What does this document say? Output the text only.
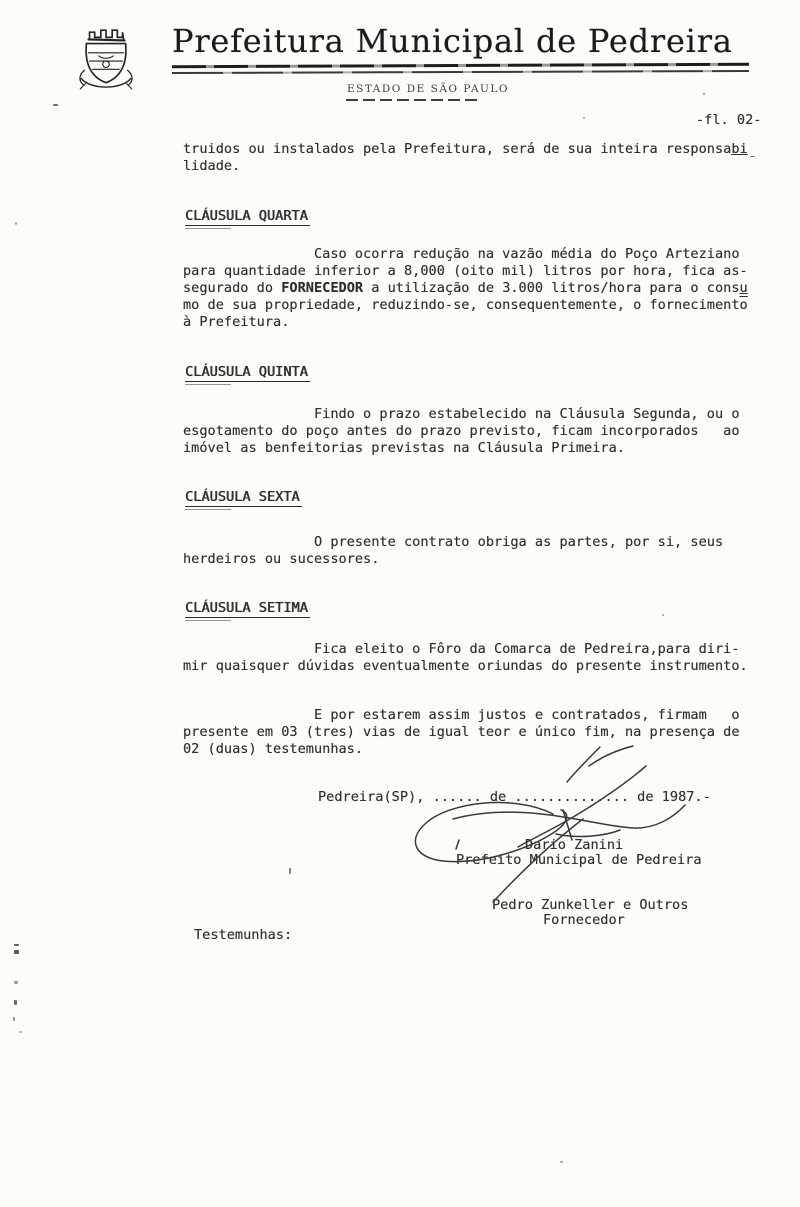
Prefeitura Municipal de Pedreira
ESTADO DE SÃO PAULO
-fl. 02-
truidos ou instalados pela Prefeitura, será de sua inteira responsabi
lidade.
CLÁUSULA QUARTA
Caso ocorra redução na vazão média do Poço Arteziano
para quantidade inferior a 8,000 (oito mil) litros por hora, fica as-
segurado do FORNECEDOR a utilização de 3.000 litros/hora para o consu
mo de sua propriedade, reduzindo-se, consequentemente, o $forneciment\overline{o}$
à Prefeitura.
CLÁUSULA QUINTA
Findo o prazo estabelecido na Cláusula Segunda, ou o
esgotamento do poço antes do prazo previsto, ficam incorporados   ao
imóvel as benfeitorias previstas na Cláusula Primeira.
CLÁUSULA SEXTA
O presente contrato obriga as partes, por si, seus
herdeiros ou sucessores.
CLÁUSULA SETIMA
Fica eleito o Fôro da Comarca de Pedreira,para diri-
mir quaisquer dúvidas eventualmente oriundas do presente instrumento.
E por estarem assim justos e contratados, firmam   o
presente em 03 (tres) vias de igual teor e único fim, na presença de
02 (duas) testemunhas.
Pedreira(SP), ...... de .............. de 1987.-
Dario Zanini
Prefeito Municipal de Pedreira
Pedro Zunkeller e Outros
Fornecedor
Testemunhas:
